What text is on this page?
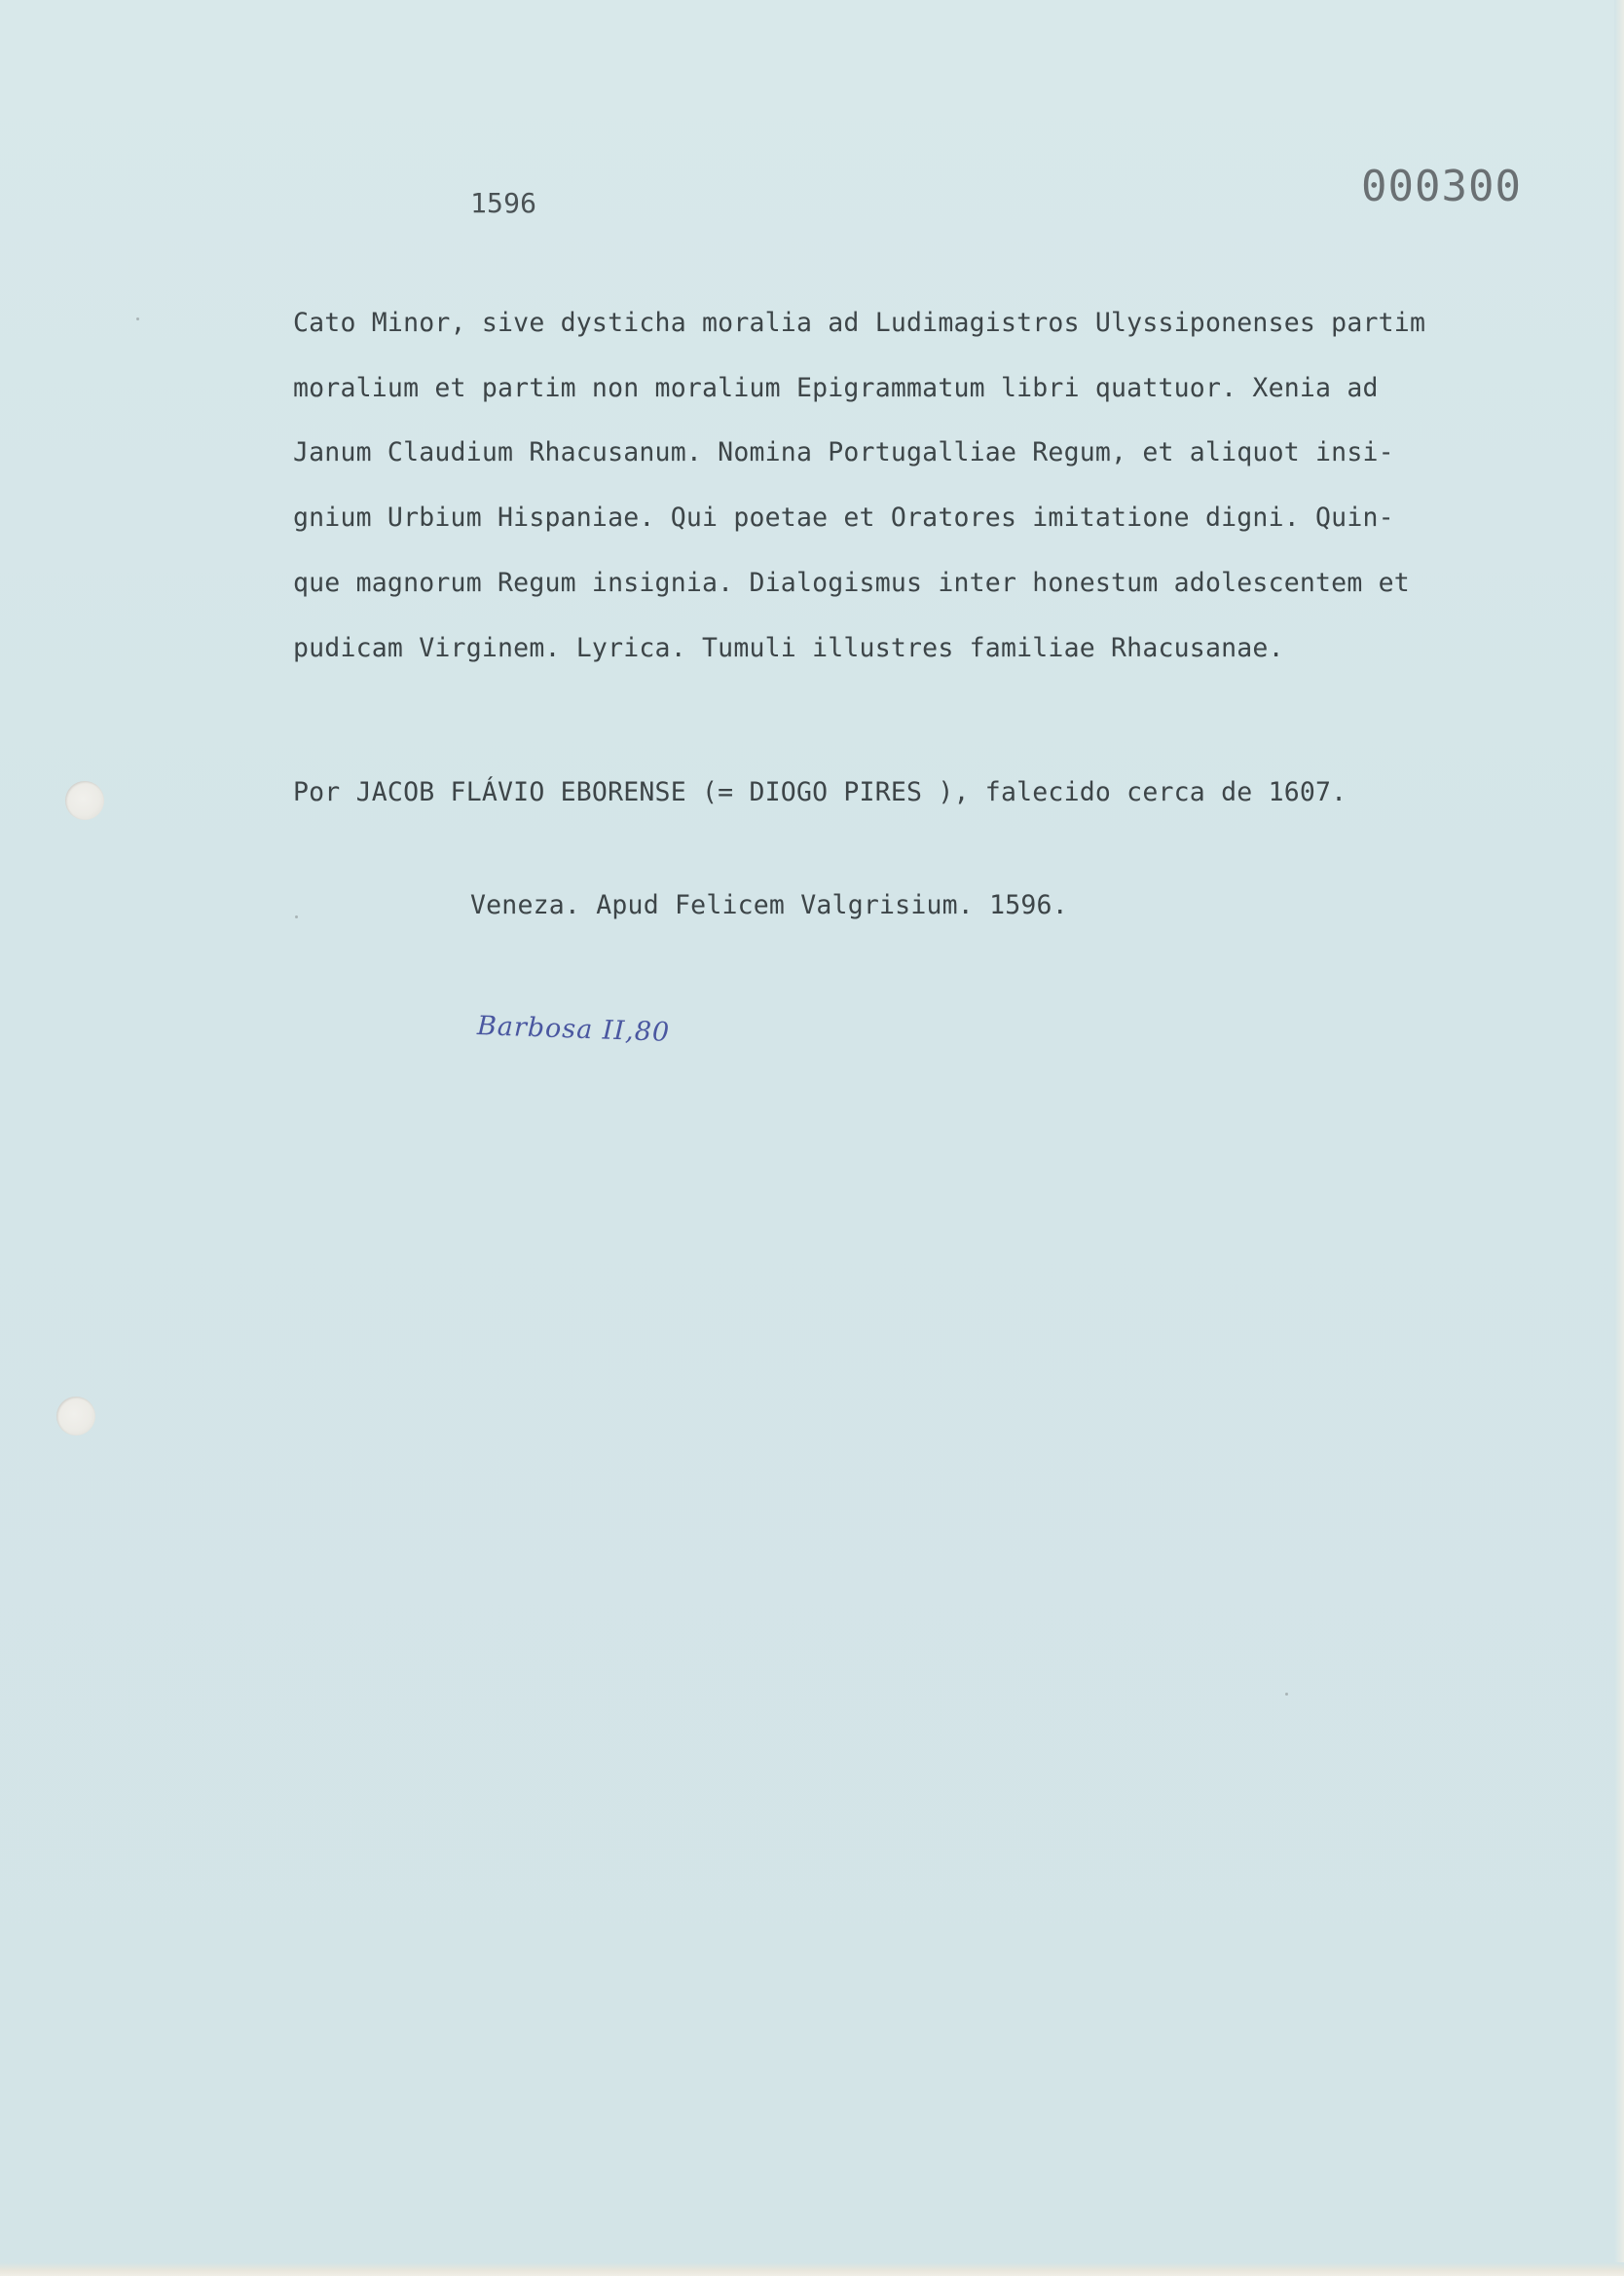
1596	000300
Cato Minor, sive dysticha moralia ad Ludimagistros Ulyssiponenses partim
moralium et partim non moralium Epigrammatum libri quattuor. Xenia ad
Janum Claudium Rhacusanum. Nomina Portugalliae Regum, et aliquot insi-
gnium Urbium Hispaniae. Qui poetae et Oratores imitatione digni. Quin-
que magnorum Regum insignia. Dialogismus inter honestum adolescentem et
pudicam Virginem. Lyrica. Tumuli illustres familiae Rhacusanae.
Por JACOB FLÁVIO EBORENSE (= DIOGO PIRES ), falecido cerca de 1607.
Veneza. Apud Felicem Valgrisium. 1596.
Barbosa II,80
